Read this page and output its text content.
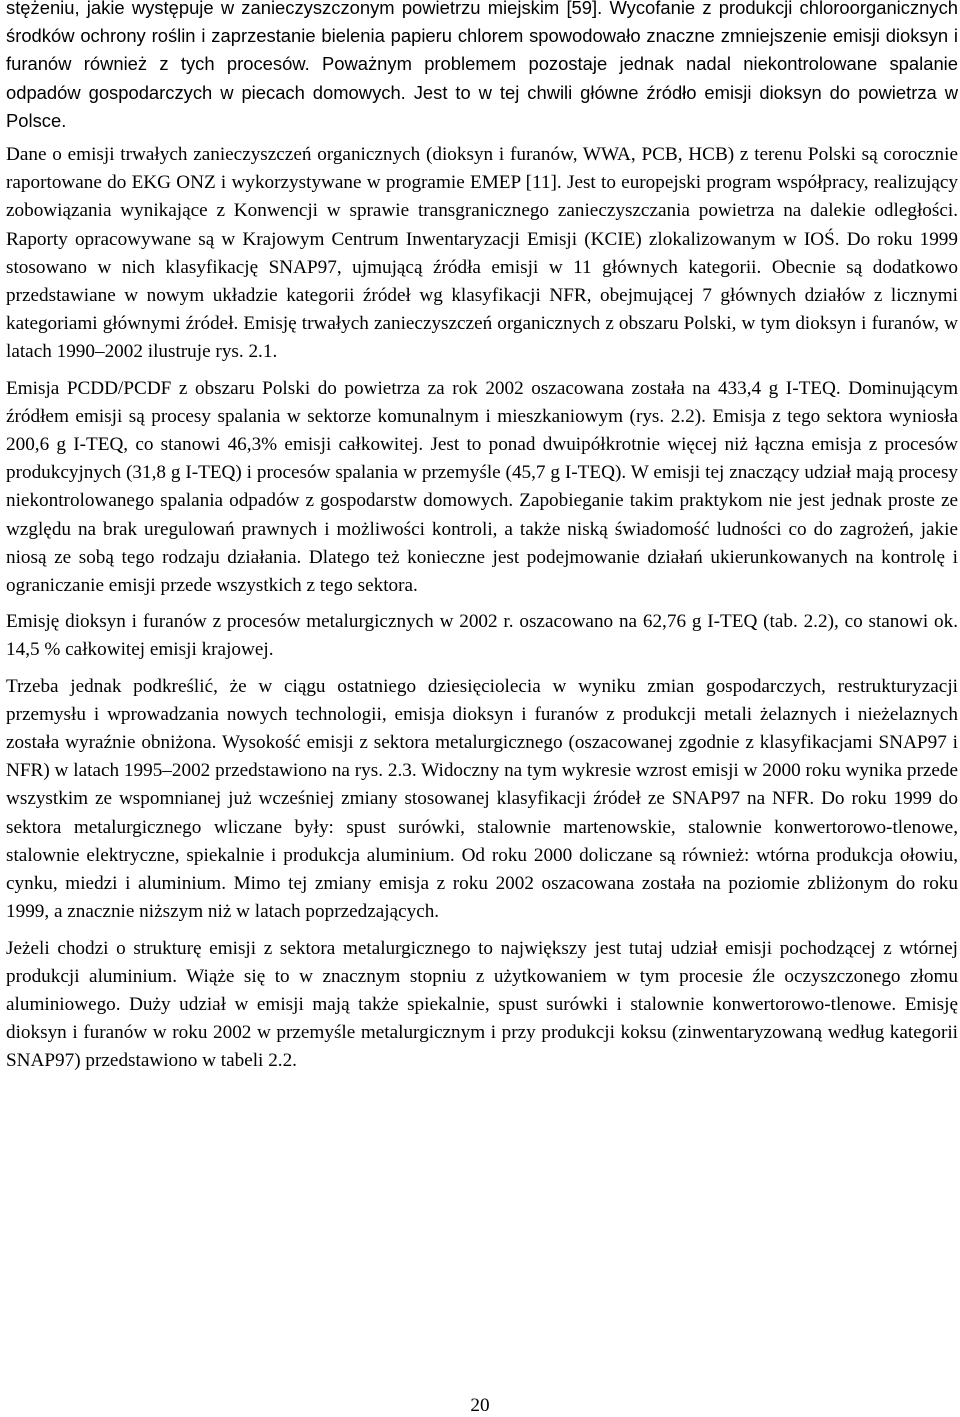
stężeniu, jakie występuje w zanieczyszczonym powietrzu miejskim [59]. Wycofanie z produkcji chloroorganicznych środków ochrony roślin i zaprzestanie bielenia papieru chlorem spowodowało znaczne zmniejszenie emisji dioksyn i furanów również z tych procesów. Poważnym problemem pozostaje jednak nadal niekontrolowane spalanie odpadów gospodarczych w piecach domowych. Jest to w tej chwili główne źródło emisji dioksyn do powietrza w Polsce.

Dane o emisji trwałych zanieczyszczeń organicznych (dioksyn i furanów, WWA, PCB, HCB) z terenu Polski są corocznie raportowane do EKG ONZ i wykorzystywane w programie EMEP [11]. Jest to europejski program współpracy, realizujący zobowiązania wynikające z Konwencji w sprawie transgranicznego zanieczyszczania powietrza na dalekie odległości. Raporty opracowywane są w Krajowym Centrum Inwentaryzacji Emisji (KCIE) zlokalizowanym w IOŚ. Do roku 1999 stosowano w nich klasyfikację SNAP97, ujmującą źródła emisji w 11 głównych kategorii. Obecnie są dodatkowo przedstawiane w nowym układzie kategorii źródeł wg klasyfikacji NFR, obejmującej 7 głównych działów z licznymi kategoriami głównymi źródeł. Emisję trwałych zanieczyszczeń organicznych z obszaru Polski, w tym dioksyn i furanów, w latach 1990–2002 ilustruje rys. 2.1.

Emisja PCDD/PCDF z obszaru Polski do powietrza za rok 2002 oszacowana została na 433,4 g I-TEQ. Dominującym źródłem emisji są procesy spalania w sektorze komunalnym i mieszkaniowym (rys. 2.2). Emisja z tego sektora wyniosła 200,6 g I-TEQ, co stanowi 46,3% emisji całkowitej. Jest to ponad dwuipółkrotnie więcej niż łączna emisja z procesów produkcyjnych (31,8 g I-TEQ) i procesów spalania w przemyśle (45,7 g I-TEQ). W emisji tej znaczący udział mają procesy niekontrolowanego spalania odpadów z gospodarstw domowych. Zapobieganie takim praktykom nie jest jednak proste ze względu na brak uregulowań prawnych i możliwości kontroli, a także niską świadomość ludności co do zagrożeń, jakie niosą ze sobą tego rodzaju działania. Dlatego też konieczne jest podejmowanie działań ukierunkowanych na kontrolę i ograniczanie emisji przede wszystkich z tego sektora.

Emisję dioksyn i furanów z procesów metalurgicznych w 2002 r. oszacowano na 62,76 g I-TEQ (tab. 2.2), co stanowi ok. 14,5 % całkowitej emisji krajowej.

Trzeba jednak podkreślić, że w ciągu ostatniego dziesięciolecia w wyniku zmian gospodarczych, restrukturyzacji przemysłu i wprowadzania nowych technologii, emisja dioksyn i furanów z produkcji metali żelaznych i nieżelaznych została wyraźnie obniżona. Wysokość emisji z sektora metalurgicznego (oszacowanej zgodnie z klasyfikacjami SNAP97 i NFR) w latach 1995–2002 przedstawiono na rys. 2.3. Widoczny na tym wykresie wzrost emisji w 2000 roku wynika przede wszystkim ze wspomnianej już wcześniej zmiany stosowanej klasyfikacji źródeł ze SNAP97 na NFR. Do roku 1999 do sektora metalurgicznego wliczane były: spust surówki, stalownie martenowskie, stalownie konwertorowo-tlenowe, stalownie elektryczne, spiekalnie i produkcja aluminium. Od roku 2000 doliczane są również: wtórna produkcja ołowiu, cynku, miedzi i aluminium. Mimo tej zmiany emisja z roku 2002 oszacowana została na poziomie zbliżonym do roku 1999, a znacznie niższym niż w latach poprzedzających.

Jeżeli chodzi o strukturę emisji z sektora metalurgicznego to największy jest tutaj udział emisji pochodzącej z wtórnej produkcji aluminium. Wiąże się to w znacznym stopniu z użytkowaniem w tym procesie źle oczyszczonego złomu aluminiowego. Duży udział w emisji mają także spiekalnie, spust surówki i stalownie konwertorowo-tlenowe. Emisję dioksyn i furanów w roku 2002 w przemyśle metalurgicznym i przy produkcji koksu (zinwentaryzowaną według kategorii SNAP97) przedstawiono w tabeli 2.2.

20
